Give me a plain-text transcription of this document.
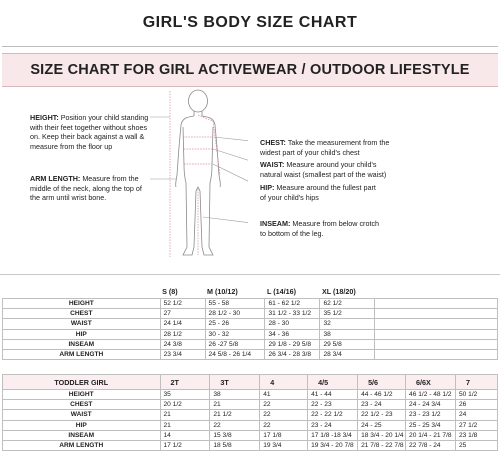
GIRL'S BODY SIZE CHART
SIZE CHART FOR GIRL ACTIVEWEAR / OUTDOOR LIFESTYLE
HEIGHT: Position your child standing with their feet together without shoes on. Keep their back against a wall & measure from the floor up
ARM LENGTH: Measure from the middle of the neck, along the top of the arm until wrist bone.
CHEST: Take the measurement from the widest part of your child's chest
WAIST: Measure around your child's natural waist (smallest part of the waist)
HIP: Measure around the fullest part of your child's hips
INSEAM: Measure from below crotch to bottom of the leg.
	S (8)	M (10/12)	L (14/16)	XL (18/20)	
HEIGHT	52 1/2	55 - 58	61 - 62 1/2	62 1/2	
CHEST	27	28 1/2 - 30	31 1/2 - 33 1/2	35 1/2	
WAIST	24 1/4	25 - 26	28 - 30	32	
HIP	28 1/2	30 - 32	34 - 36	38	
INSEAM	24 3/8	26 -27 5/8	29 1/8 - 29 5/8	29 5/8	
ARM LENGTH	23 3/4	24 5/8 - 26 1/4	26 3/4 - 28 3/8	28 3/4	
TODDLER GIRL	2T	3T	4	4/5	5/6	6/6X	7
HEIGHT	35	38	41	41 - 44	44 - 46 1/2	46 1/2 - 48 1/2	50 1/2
CHEST	20 1/2	21	22	22 - 23	23 - 24	24 - 24 3/4	26
WAIST	21	21 1/2	22	22 - 22 1/2	22 1/2 - 23	23 - 23 1/2	24
HIP	21	22	22	23 - 24	24 - 25	25 - 25 3/4	27 1/2
INSEAM	14	15 3/8	17 1/8	17 1/8 -18 3/4	18 3/4 - 20 1/4	20 1/4 - 21 7/8	23 1/8
ARM LENGTH	17 1/2	18 5/8	19 3/4	19 3/4 - 20 7/8	21 7/8 - 22 7/8	22 7/8 - 24	25
